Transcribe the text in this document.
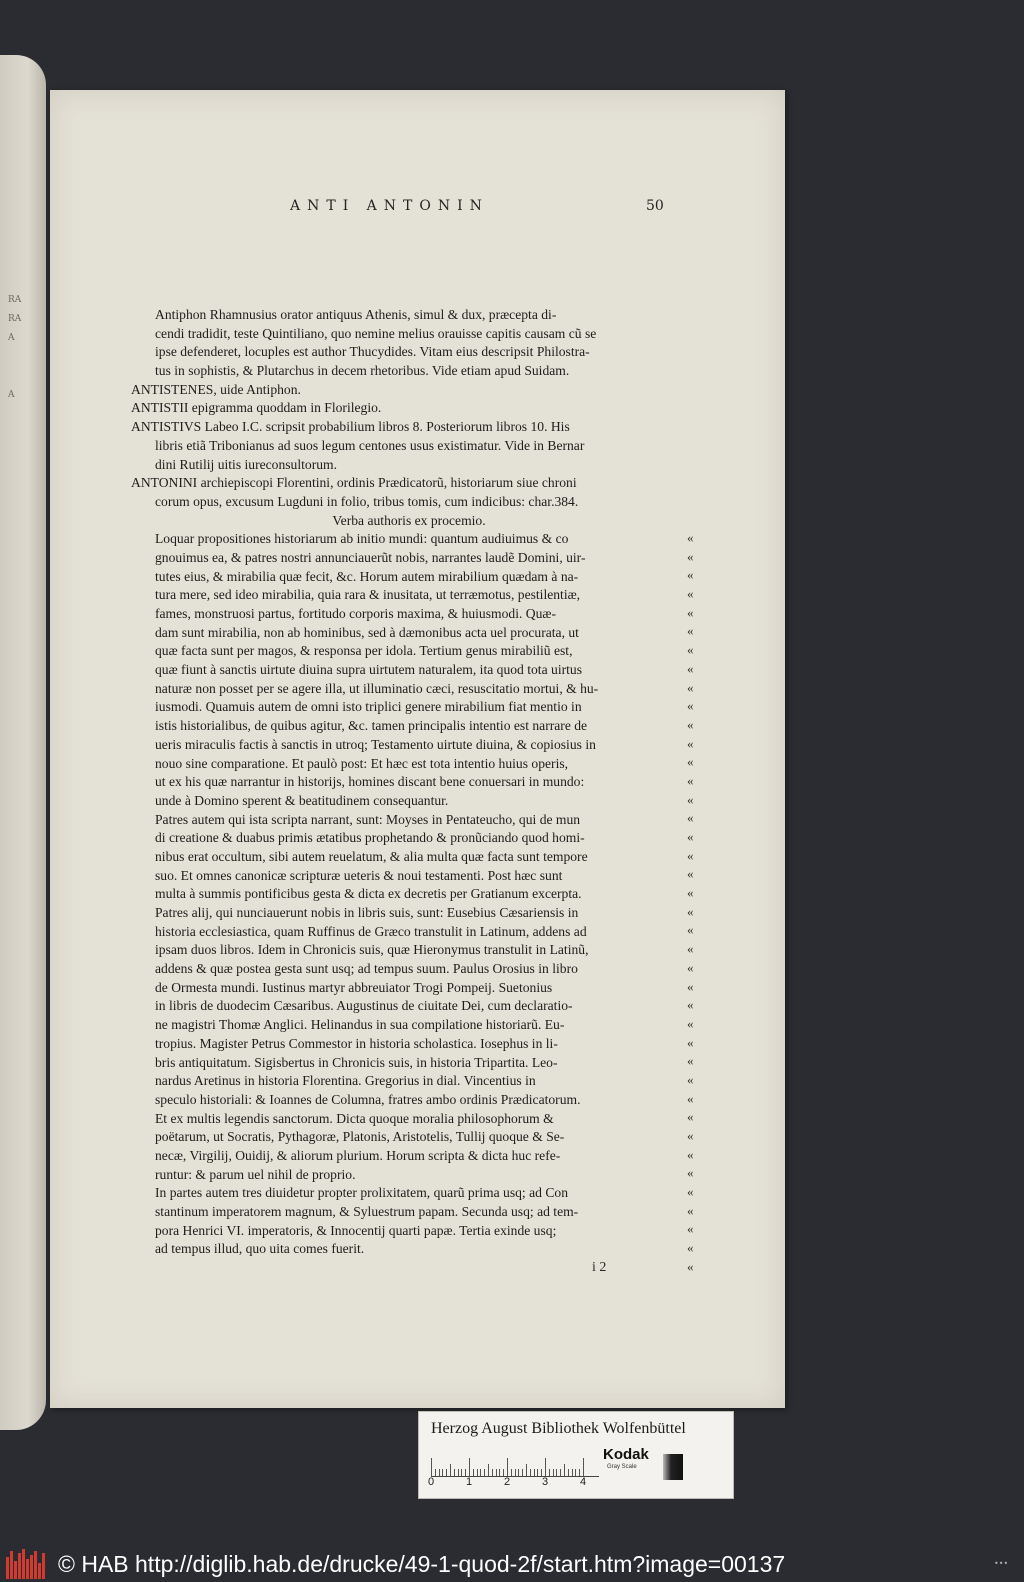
RA
RA
A
A
ANTI ANTONIN	50
Antiphon Rhamnusius orator antiquus Athenis, simul & dux, præcepta di-
cendi tradidit, teste Quintiliano, quo nemine melius orauisse capitis causam cũ se
ipse defenderet, locuples est author Thucydides. Vitam eius descripsit Philostra-
tus in sophistis, & Plutarchus in decem rhetoribus. Vide etiam apud Suidam.
ANTISTENES, uide Antiphon.
ANTISTII epigramma quoddam in Florilegio.
ANTISTIVS Labeo I.C. scripsit probabilium libros 8. Posteriorum libros 10. His
libris etiã Tribonianus ad suos legum centones usus existimatur. Vide in Bernar
dini Rutilij uitis iureconsultorum.
ANTONINI archiepiscopi Florentini, ordinis Prædicatorũ, historiarum siue chroni
corum opus, excusum Lugduni in folio, tribus tomis, cum indicibus: char.384.
Verba authoris ex procemio.
Loquar propositiones historiarum ab initio mundi: quantum audiuimus & co
gnouimus ea, & patres nostri annunciauerũt nobis, narrantes laudẽ Domini, uir-
tutes eius, & mirabilia quæ fecit, &c. Horum autem mirabilium quædam à na-
tura mere, sed ideo mirabilia, quia rara & inusitata, ut terræmotus, pestilentiæ,
fames, monstruosi partus, fortitudo corporis maxima, & huiusmodi. Quæ-
dam sunt mirabilia, non ab hominibus, sed à dæmonibus acta uel procurata, ut
quæ facta sunt per magos, & responsa per idola. Tertium genus mirabiliũ est,
quæ fiunt à sanctis uirtute diuina supra uirtutem naturalem, ita quod tota uirtus
naturæ non posset per se agere illa, ut illuminatio cæci, resuscitatio mortui, & hu-
iusmodi. Quamuis autem de omni isto triplici genere mirabilium fiat mentio in
istis historialibus, de quibus agitur, &c. tamen principalis intentio est narrare de
ueris miraculis factis à sanctis in utroq; Testamento uirtute diuina, & copiosius in
nouo sine comparatione. Et paulò post: Et hæc est tota intentio huius operis,
ut ex his quæ narrantur in historijs, homines discant bene conuersari in mundo:
unde à Domino sperent & beatitudinem consequantur.
Patres autem qui ista scripta narrant, sunt: Moyses in Pentateucho, qui de mun
di creatione & duabus primis ætatibus prophetando & pronũciando quod homi-
nibus erat occultum, sibi autem reuelatum, & alia multa quæ facta sunt tempore
suo. Et omnes canonicæ scripturæ ueteris & noui testamenti. Post hæc sunt
multa à summis pontificibus gesta & dicta ex decretis per Gratianum excerpta.
Patres alij, qui nunciauerunt nobis in libris suis, sunt: Eusebius Cæsariensis in
historia ecclesiastica, quam Ruffinus de Græco transtulit in Latinum, addens ad
ipsam duos libros. Idem in Chronicis suis, quæ Hieronymus transtulit in Latinũ,
addens & quæ postea gesta sunt usq; ad tempus suum. Paulus Orosius in libro
de Ormesta mundi. Iustinus martyr abbreuiator Trogi Pompeij. Suetonius
in libris de duodecim Cæsaribus. Augustinus de ciuitate Dei, cum declaratio-
ne magistri Thomæ Anglici. Helinandus in sua compilatione historiarũ. Eu-
tropius. Magister Petrus Commestor in historia scholastica. Iosephus in li-
bris antiquitatum. Sigisbertus in Chronicis suis, in historia Tripartita. Leo-
nardus Aretinus in historia Florentina. Gregorius in dial. Vincentius in
speculo historiali: & Ioannes de Columna, fratres ambo ordinis Prædicatorum.
Et ex multis legendis sanctorum. Dicta quoque moralia philosophorum &
poëtarum, ut Socratis, Pythagoræ, Platonis, Aristotelis, Tullij quoque & Se-
necæ, Virgilij, Ouidij, & aliorum plurium. Horum scripta & dicta huc refe-
runtur: & parum uel nihil de proprio.
In partes autem tres diuidetur propter prolixitatem, quarũ prima usq; ad Con
stantinum imperatorem magnum, & Syluestrum papam. Secunda usq; ad tem-
pora Henrici VI. imperatoris, & Innocentij quarti papæ. Tertia exinde usq;
ad tempus illud, quo uita comes fuerit.
«
«
«
«
«
«
«
«
«
«
«
«
«
«
«
«
«
«
«
«
«
«
«
«
«
«
«
«
«
«
«
«
«
«
«
«
«
«
«
«
i 2
Herzog August Bibliothek Wolfenbüttel
0	1	2	3	4
Kodak
Gray Scale
© HAB http://diglib.hab.de/drucke/49-1-quod-2f/start.htm?image=00137	•••
